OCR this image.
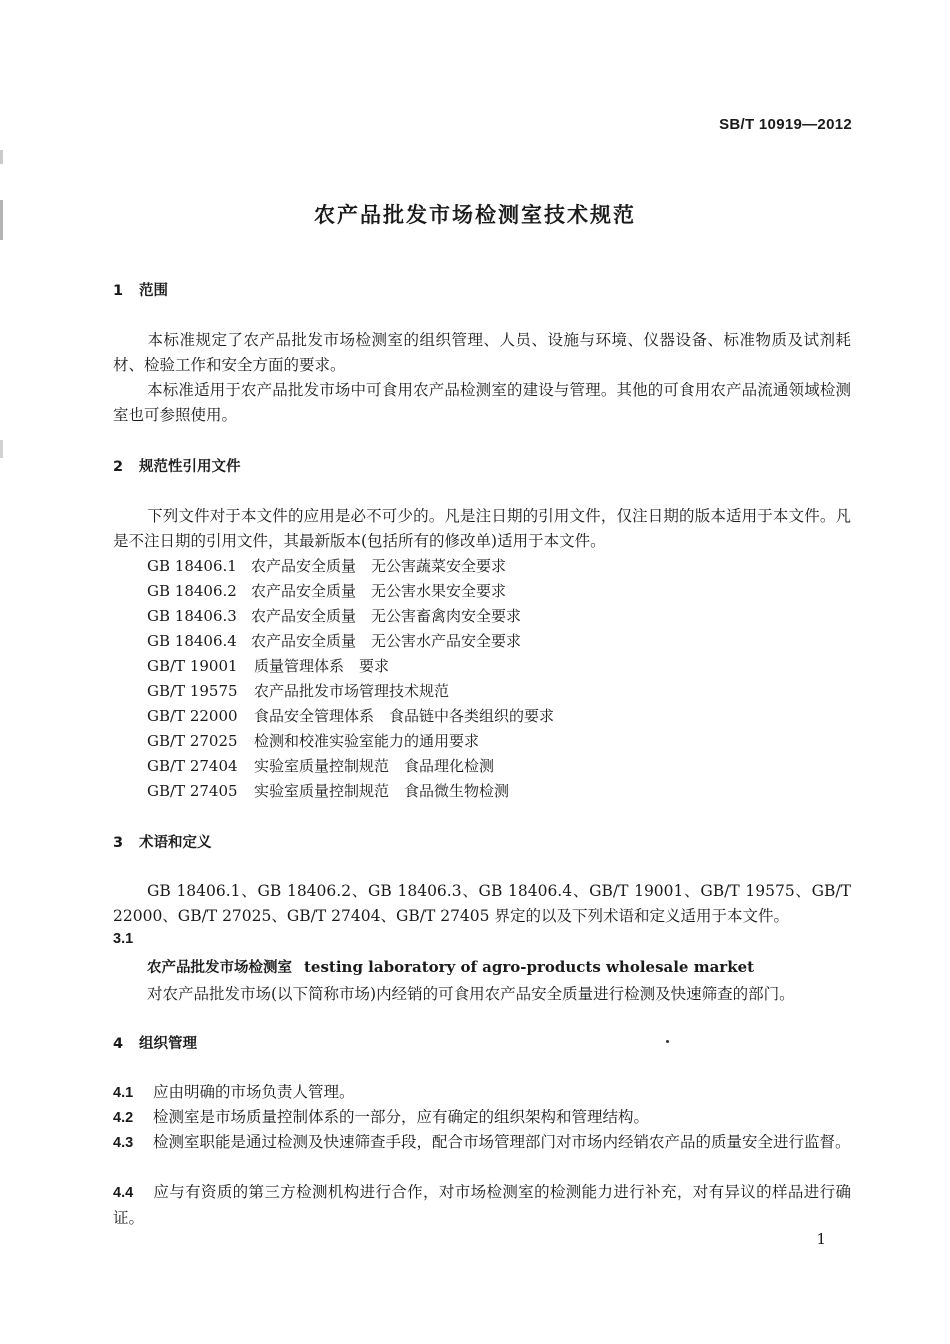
SB/T 10919—2012
农产品批发市场检测室技术规范
1 范围
本标准规定了农产品批发市场检测室的组织管理、人员、设施与环境、仪器设备、标准物质及试剂耗材、检验工作和安全方面的要求。
本标准适用于农产品批发市场中可食用农产品检测室的建设与管理。其他的可食用农产品流通领域检测室也可参照使用。
2 规范性引用文件
下列文件对于本文件的应用是必不可少的。凡是注日期的引用文件，仅注日期的版本适用于本文件。凡是不注日期的引用文件，其最新版本(包括所有的修改单)适用于本文件。
GB 18406.1 农产品安全质量　无公害蔬菜安全要求
GB 18406.2 农产品安全质量　无公害水果安全要求
GB 18406.3 农产品安全质量　无公害畜禽肉安全要求
GB 18406.4 农产品安全质量　无公害水产品安全要求
GB/T 19001 质量管理体系　要求
GB/T 19575 农产品批发市场管理技术规范
GB/T 22000 食品安全管理体系　食品链中各类组织的要求
GB/T 27025 检测和校准实验室能力的通用要求
GB/T 27404 实验室质量控制规范　食品理化检测
GB/T 27405 实验室质量控制规范　食品微生物检测
3 术语和定义
GB 18406.1、GB 18406.2、GB 18406.3、GB 18406.4、GB/T 19001、GB/T 19575、GB/T 22000、GB/T 27025、GB/T 27404、GB/T 27405 界定的以及下列术语和定义适用于本文件。
3.1
农产品批发市场检测室 testing laboratory of agro-products wholesale market
对农产品批发市场(以下简称市场)内经销的可食用农产品安全质量进行检测及快速筛查的部门。
4 组织管理
4.1 应由明确的市场负责人管理。
4.2 检测室是市场质量控制体系的一部分，应有确定的组织架构和管理结构。
4.3 检测室职能是通过检测及快速筛查手段，配合市场管理部门对市场内经销农产品的质量安全进行监督。
4.4 应与有资质的第三方检测机构进行合作，对市场检测室的检测能力进行补充，对有异议的样品进行确证。
1
